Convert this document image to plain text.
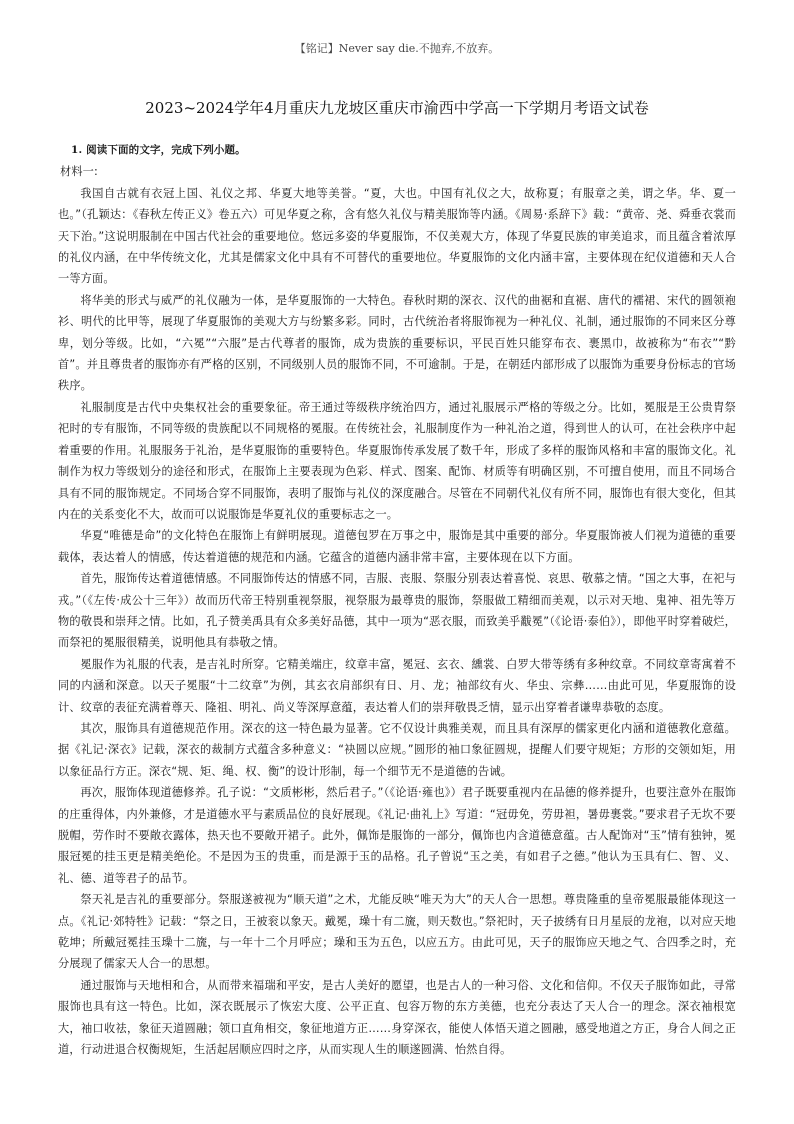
【铭记】Never say die.不抛弃,不放弃。
2023~2024学年4月重庆九龙坡区重庆市渝西中学高一下学期月考语文试卷

1. 阅读下面的文字，完成下列小题。

材料一:

我国自古就有衣冠上国、礼仪之邦、华夏大地等美誉。“夏，大也。中国有礼仪之大，故称夏；有服章之美，谓之华。华、夏一也。”（孔颖达：《春秋左传正义》卷五六）可见华夏之称，含有悠久礼仪与精美服饰等内涵。《周易·系辞下》载：“黄帝、尧、舜垂衣裳而天下治。”这说明服制在中国古代社会的重要地位。悠远多姿的华夏服饰，不仅美观大方，体现了华夏民族的审美追求，而且蕴含着浓厚的礼仪内涵，在中华传统文化，尤其是儒家文化中具有不可替代的重要地位。华夏服饰的文化内涵丰富，主要体现在纪仪道德和天人合一等方面。

将华美的形式与威严的礼仪融为一体，是华夏服饰的一大特色。春秋时期的深衣、汉代的曲裾和直裾、唐代的襦裙、宋代的圆领袍衫、明代的比甲等，展现了华夏服饰的美观大方与纷繁多彩。同时，古代统治者将服饰视为一种礼仪、礼制，通过服饰的不同来区分尊卑，划分等级。比如，“六冕”“六服”是古代尊者的服饰，成为贵族的重要标识，平民百姓只能穿布衣、裹黑巾，故被称为“布衣”“黔首”。并且尊贵者的服饰亦有严格的区别，不同级别人员的服饰不同，不可逾制。于是，在朝廷内部形成了以服饰为重要身份标志的官场秩序。

礼服制度是古代中央集权社会的重要象征。帝王通过等级秩序统治四方，通过礼服展示严格的等级之分。比如，冕服是王公贵胄祭祀时的专有服饰，不同等级的贵族配以不同规格的冕服。在传统社会，礼服制度作为一种礼治之道，得到世人的认可，在社会秩序中起着重要的作用。礼服服务于礼治，是华夏服饰的重要特色。华夏服饰传承发展了数千年，形成了多样的服饰风格和丰富的服饰文化。礼制作为权力等级划分的途径和形式，在服饰上主要表现为色彩、样式、图案、配饰、材质等有明确区别，不可擅自使用，而且不同场合具有不同的服饰规定。不同场合穿不同服饰，表明了服饰与礼仪的深度融合。尽管在不同朝代礼仪有所不同，服饰也有很大变化，但其内在的关系变化不大，故而可以说服饰是华夏礼仪的重要标志之一。

华夏“唯德是命”的文化特色在服饰上有鲜明展现。道德包罗在万事之中，服饰是其中重要的部分。华夏服饰被人们视为道德的重要载体，表达着人的情感，传达着道德的规范和内涵。它蕴含的道德内涵非常丰富，主要体现在以下方面。

首先，服饰传达着道德情感。不同服饰传达的情感不同，吉服、丧服、祭服分别表达着喜悦、哀思、敬慕之情。“国之大事，在祀与戎。”（《左传·成公十三年》）故而历代帝王特别重视祭服，视祭服为最尊贵的服饰，祭服做工精细而美观，以示对天地、鬼神、祖先等万物的敬畏和崇拜之情。比如，孔子赞美禹具有众多美好品德，其中一项为“恶衣服，而致美乎黻冕”（《论语·泰伯》），即他平时穿着破烂，而祭祀的冕服很精美，说明他具有恭敬之情。

冕服作为礼服的代表，是吉礼时所穿。它精美端庄，纹章丰富，冕冠、玄衣、纁裳、白罗大带等绣有多种纹章。不同纹章寄寓着不同的内涵和深意。以天子冕服“十二纹章”为例，其玄衣肩部织有日、月、龙；袖部纹有火、华虫、宗彝……由此可见，华夏服饰的设计、纹章的表征充满着尊天、隆祖、明礼、尚义等深厚意蕴，表达着人们的崇拜敬畏乏情，显示出穿着者谦卑恭敬的态度。

其次，服饰具有道德规范作用。深衣的这一特色最为显著。它不仅设计典雅美观，而且具有深厚的儒家更化内涵和道德教化意蕴。据《礼记·深衣》记载，深衣的裁制方式蕴含多种意义：“袂圆以应规。”圆形的袖口象征圆规，提醒人们要守规矩；方形的交领如矩，用以象征品行方正。深衣“规、矩、绳、权、衡”的设计形制，每一个细节无不是道德的告诫。

再次，服饰体现道德修养。孔子说：“文质彬彬，然后君子。”（《论语·雍也》）君子既要重视内在品德的修养提升，也要注意外在服饰的庄重得体，内外兼修，才是道德水平与素质品位的良好展现。《礼记·曲礼上》写道：“冠毋免，劳毋袒，暑毋裹裳。”要求君子无坎不要脱帽，劳作时不要敞衣露体，热天也不要敞开裙子。此外，佩饰是服饰的一部分，佩饰也内含道德意蕴。古人配饰对“玉”情有独钟，冕服冠冕的挂玉更是精美绝伦。不是因为玉的贵重，而是源于玉的品格。孔子曾说“玉之美，有如君子之德。”他认为玉具有仁、智、义、礼、德、道等君子的品节。

祭天礼是吉礼的重要部分。祭服遂被视为“顺天道”之术，尤能反映“唯天为大”的天人合一思想。尊贵隆重的皇帝冕服最能体现这一点。《礼记·郊特牲》记载：“祭之日，王被衮以象天。戴冕，璪十有二旒，则天数也。”祭祀时，天子披绣有日月星辰的龙袍，以对应天地乾坤；所戴冠冕挂玉璪十二旒，与一年十二个月呼应；璪和玉为五色，以应五方。由此可见，天子的服饰应天地之气、合四季之时，充分展现了儒家天人合一的思想。

通过服饰与天地相和合，从而带来福瑞和平安，是古人美好的愿望，也是古人的一种习俗、文化和信仰。不仅天子服饰如此，寻常服饰也具有这一特色。比如，深衣既展示了恢宏大度、公平正直、包容万物的东方美德，也充分表达了天人合一的理念。深衣袖根宽大，袖口收祛，象征天道圆融；领口直角相交，象征地道方正……身穿深衣，能使人体悟天道之圆融，感受地道之方正，身合人间之正道，行动进退合权衡规矩，生活起居顺应四时之序，从而实现人生的顺遂圆满、怡然自得。
